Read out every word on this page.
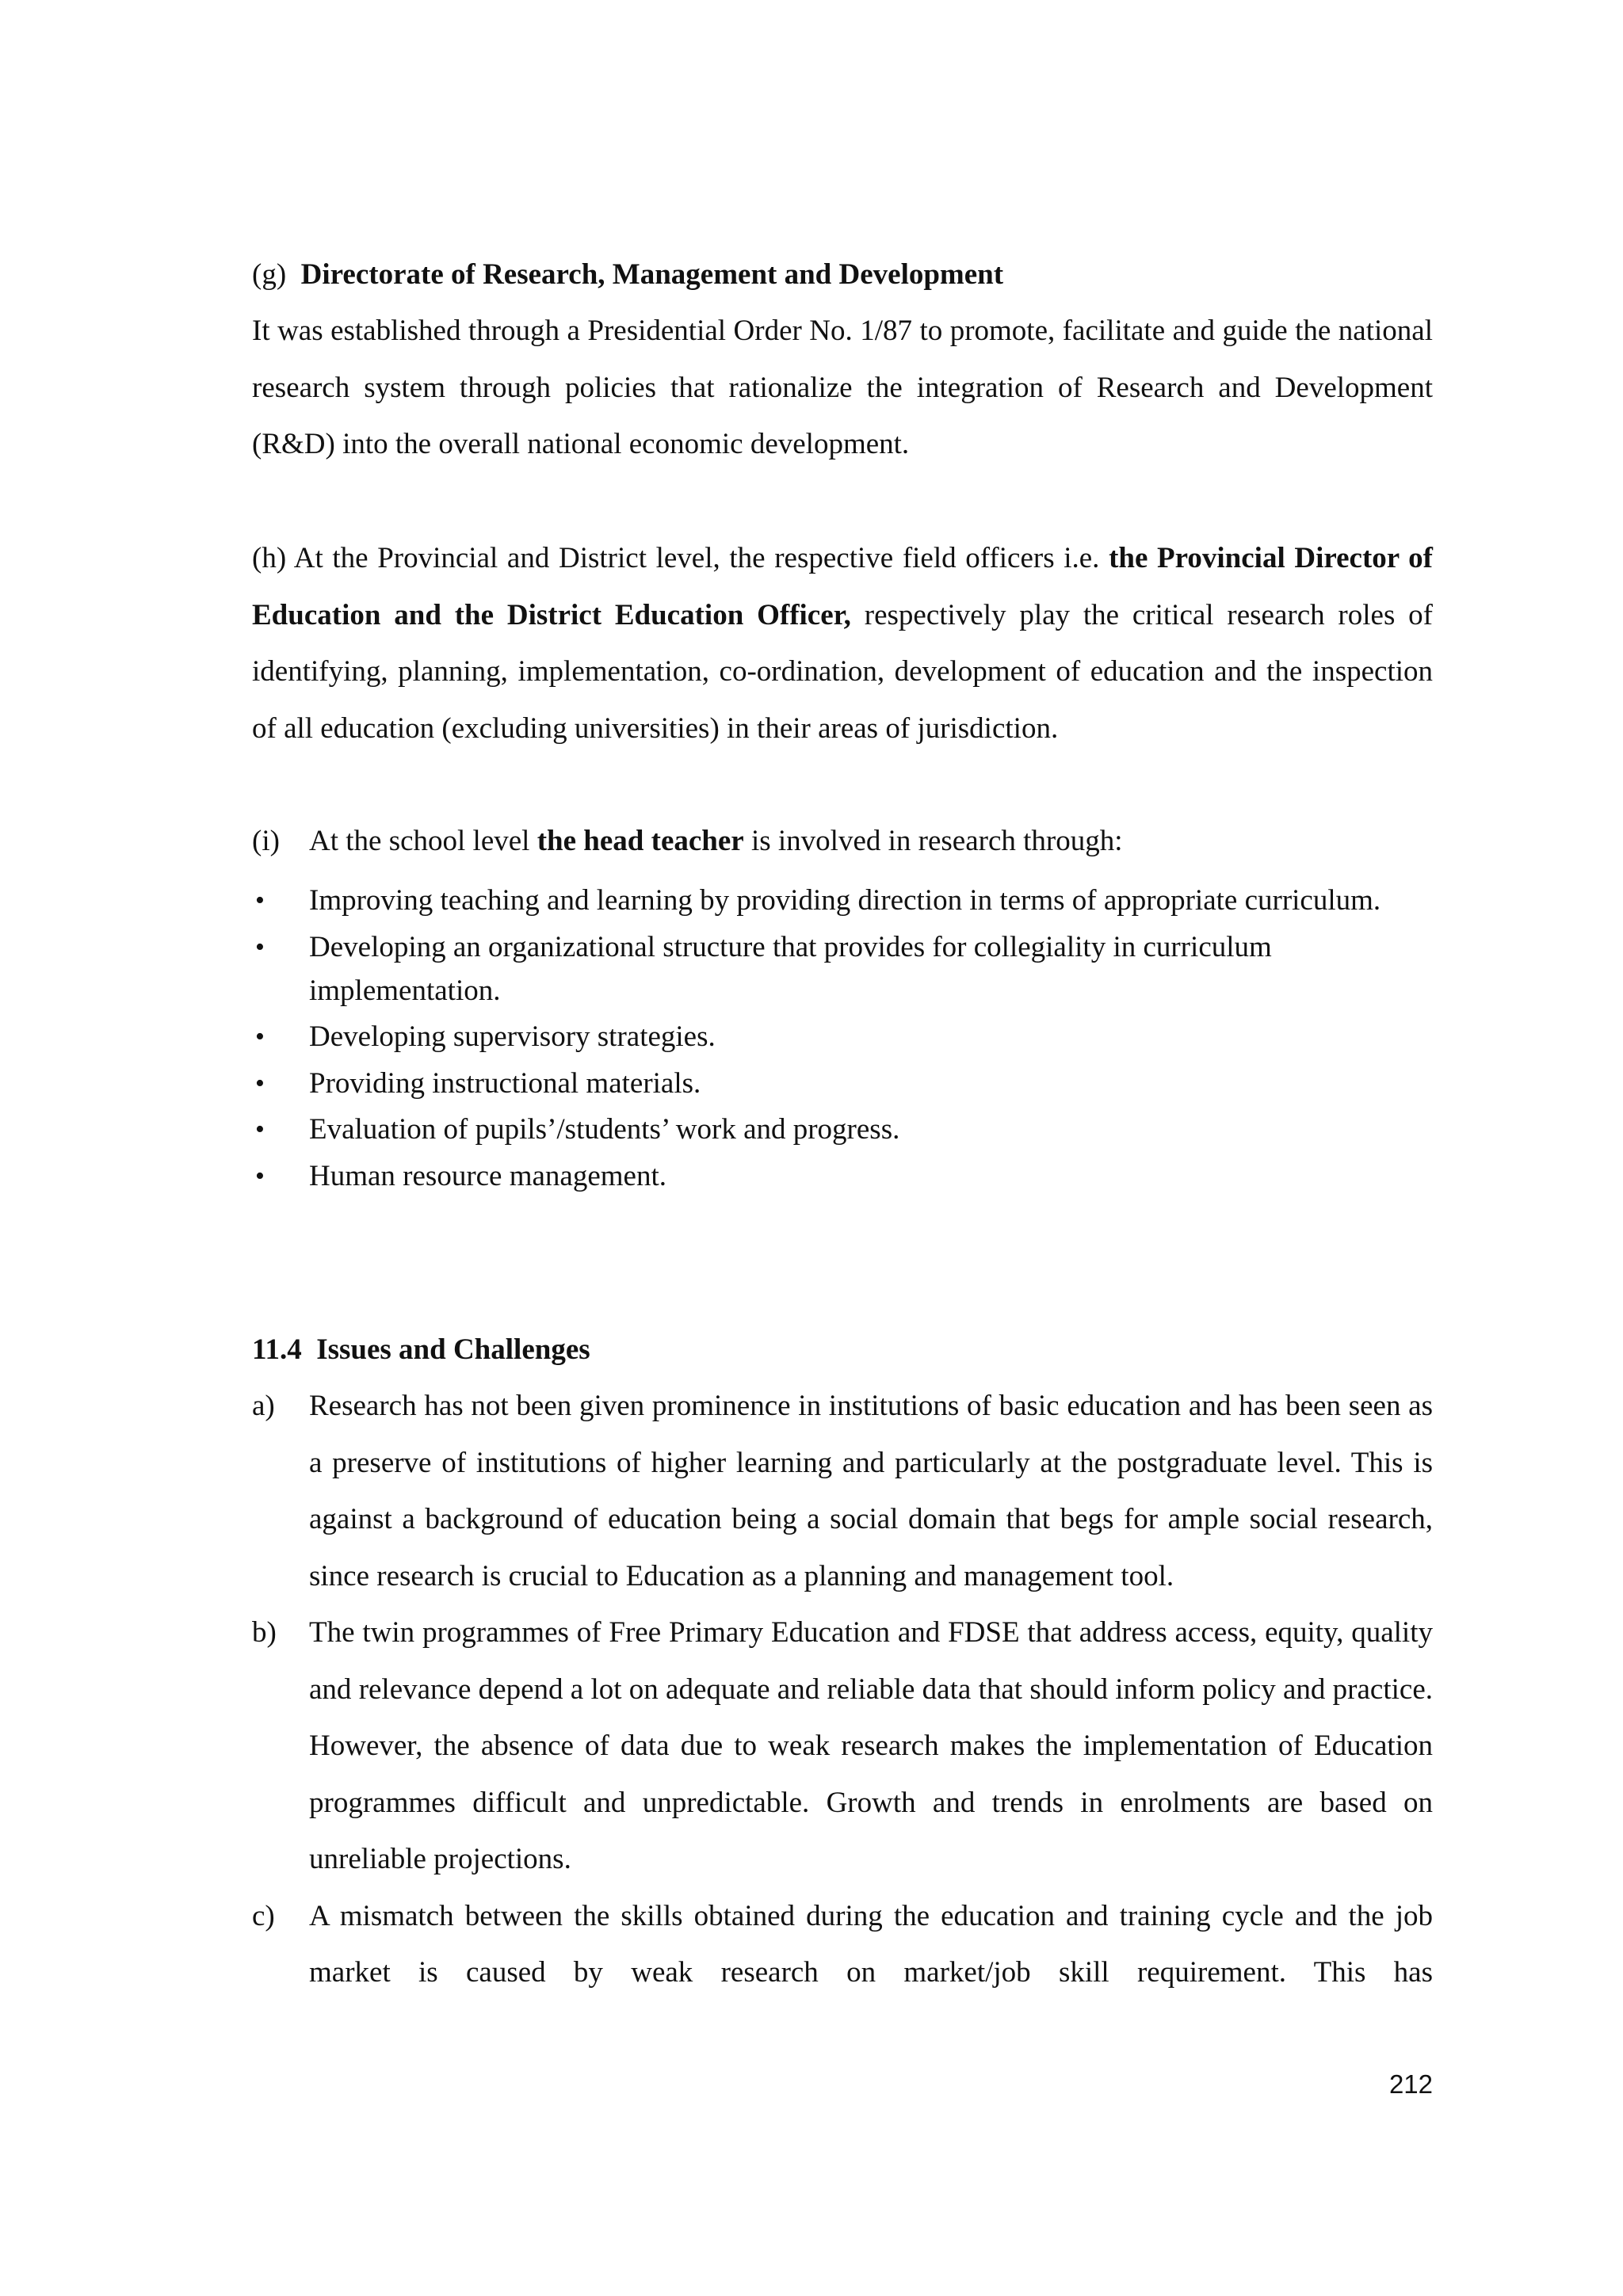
(g) Directorate of Research, Management and Development
It was established through a Presidential Order No. 1/87 to promote, facilitate and guide the national research system through policies that rationalize the integration of Research and Development (R&D) into the overall national economic development.
(h) At the Provincial and District level, the respective field officers i.e. the Provincial Director of Education and the District Education Officer, respectively play the critical research roles of identifying, planning, implementation, co-ordination, development of education and the inspection of all education (excluding universities) in their areas of jurisdiction.
(i) At the school level the head teacher is involved in research through:
• Improving teaching and learning by providing direction in terms of appropriate curriculum.
• Developing an organizational structure that provides for collegiality in curriculum implementation.
• Developing supervisory strategies.
• Providing instructional materials.
• Evaluation of pupils’/students’ work and progress.
• Human resource management.
11.4  Issues and Challenges
a) Research has not been given prominence in institutions of basic education and has been seen as a preserve of institutions of higher learning and particularly at the postgraduate level. This is against a background of education being a social domain that begs for ample social research, since research is crucial to Education as a planning and management tool.
b) The twin programmes of Free Primary Education and FDSE that address access, equity, quality and relevance depend a lot on adequate and reliable data that should inform policy and practice. However, the absence of data due to weak research makes the implementation of Education programmes difficult and unpredictable. Growth and trends in enrolments are based on unreliable projections.
c) A mismatch between the skills obtained during the education and training cycle and the job market is caused by weak research on market/job skill requirement. This has
212
